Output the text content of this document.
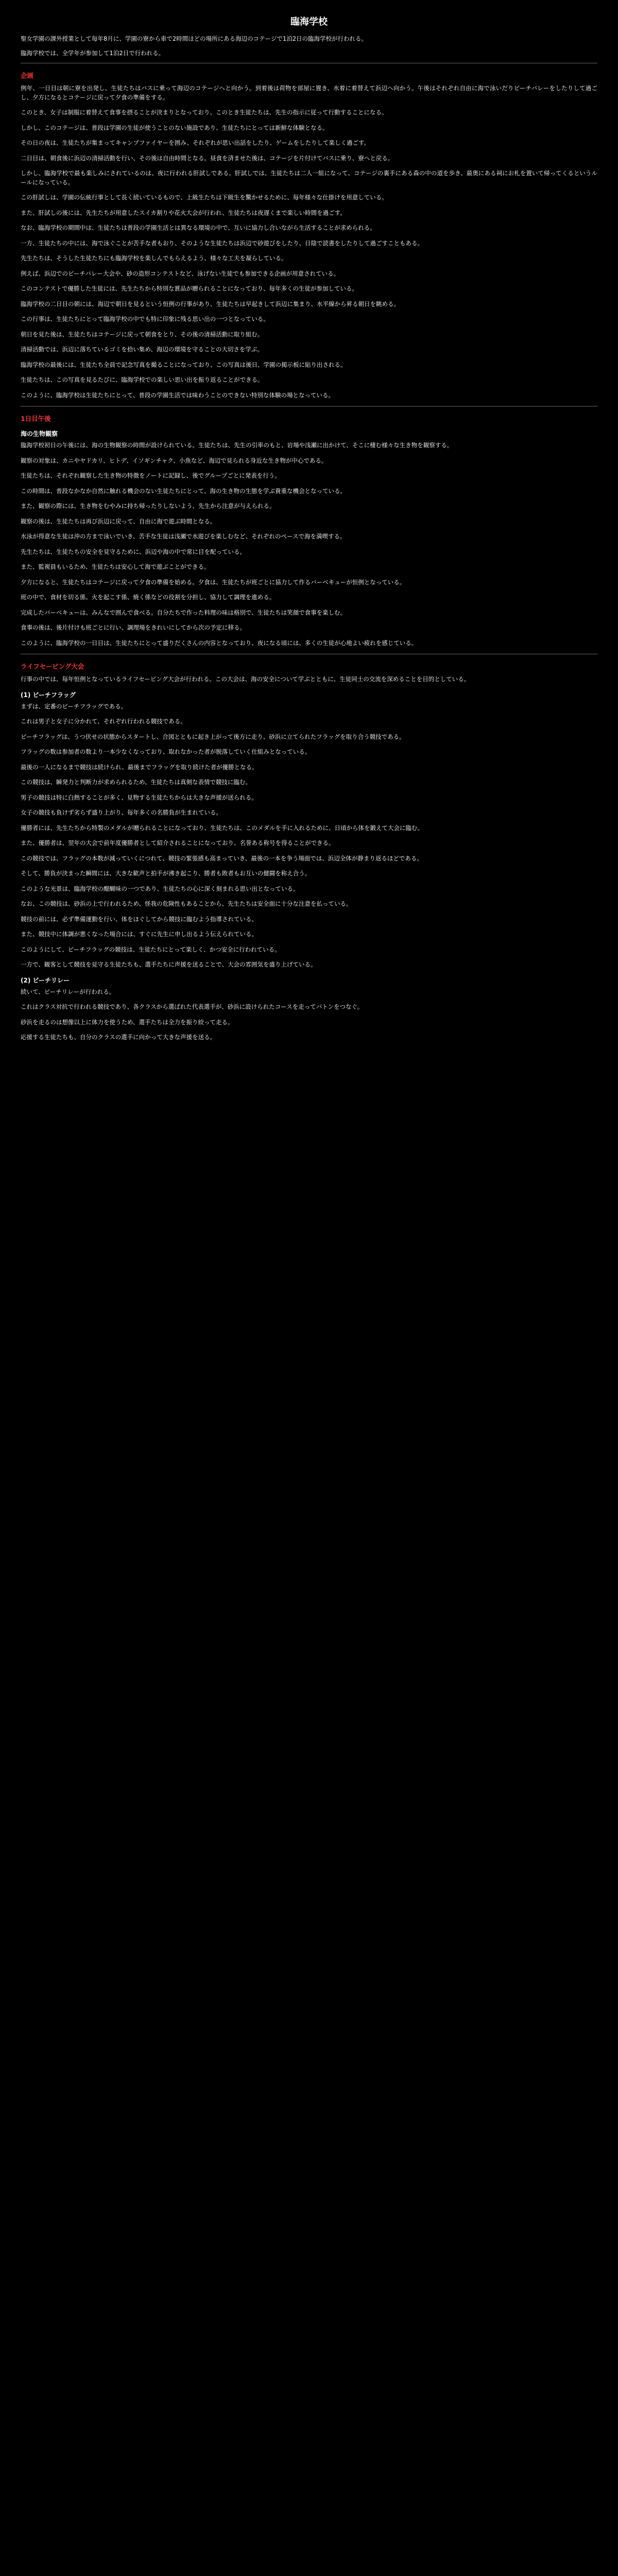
臨海学校

聖女学園の課外授業として毎年8月に、学園の寮から車で2時間ほどの場所にある海辺のコテージで1泊2日の臨海学校が行われる。

臨海学校では、全学年が参加して1泊2日で行われる。

企画

例年、一日目は朝に寮を出発し、生徒たちはバスに乗って海辺のコテージへと向かう。到着後は荷物を部屋に置き、水着に着替えて浜辺へ向かう。午後はそれぞれ自由に海で泳いだりビーチバレーをしたりして過ごし、夕方になるとコテージに戻って夕食の準備をする。

このとき、女子は制服に着替えて食事を摂ることが決まりとなっており、このとき生徒たちは、先生の指示に従って行動することになる。

しかし、このコテージは、普段は学園の生徒が使うことのない施設であり、生徒たちにとっては新鮮な体験となる。

その日の夜は、生徒たちが集まってキャンプファイヤーを囲み、それぞれが思い出話をしたり、ゲームをしたりして楽しく過ごす。

二日目は、朝食後に浜辺の清掃活動を行い、その後は自由時間となる。昼食を済ませた後は、コテージを片付けてバスに乗り、寮へと戻る。

しかし、臨海学校で最も楽しみにされているのは、夜に行われる肝試しである。肝試しでは、生徒たちは二人一組になって、コテージの裏手にある森の中の道を歩き、最奥にある祠にお札を置いて帰ってくるというルールになっている。

この肝試しは、学園の伝統行事として長く続いているもので、上級生たちは下級生を驚かせるために、毎年様々な仕掛けを用意している。

また、肝試しの後には、先生たちが用意したスイカ割りや花火大会が行われ、生徒たちは夜遅くまで楽しい時間を過ごす。

なお、臨海学校の期間中は、生徒たちは普段の学園生活とは異なる環境の中で、互いに協力し合いながら生活することが求められる。

一方、生徒たちの中には、海で泳ぐことが苦手な者もおり、そのような生徒たちは浜辺で砂遊びをしたり、日陰で読書をしたりして過ごすこともある。

先生たちは、そうした生徒たちにも臨海学校を楽しんでもらえるよう、様々な工夫を凝らしている。

例えば、浜辺でのビーチバレー大会や、砂の造形コンテストなど、泳げない生徒でも参加できる企画が用意されている。

このコンテストで優勝した生徒には、先生たちから特別な賞品が贈られることになっており、毎年多くの生徒が参加している。

臨海学校の二日目の朝には、海辺で朝日を見るという恒例の行事があり、生徒たちは早起きして浜辺に集まり、水平線から昇る朝日を眺める。

この行事は、生徒たちにとって臨海学校の中でも特に印象に残る思い出の一つとなっている。

朝日を見た後は、生徒たちはコテージに戻って朝食をとり、その後の清掃活動に取り組む。

清掃活動では、浜辺に落ちているゴミを拾い集め、海辺の環境を守ることの大切さを学ぶ。

臨海学校の最後には、生徒たち全員で記念写真を撮ることになっており、この写真は後日、学園の掲示板に貼り出される。

生徒たちは、この写真を見るたびに、臨海学校での楽しい思い出を振り返ることができる。

このように、臨海学校は生徒たちにとって、普段の学園生活では味わうことのできない特別な体験の場となっている。

1日目午後
海の生物観察

臨海学校初日の午後には、海の生物観察の時間が設けられている。生徒たちは、先生の引率のもと、岩場や浅瀬に出かけて、そこに棲む様々な生き物を観察する。

観察の対象は、カニやヤドカリ、ヒトデ、イソギンチャク、小魚など、海辺で見られる身近な生き物が中心である。

生徒たちは、それぞれ観察した生き物の特徴をノートに記録し、後でグループごとに発表を行う。

この時間は、普段なかなか自然に触れる機会のない生徒たちにとって、海の生き物の生態を学ぶ貴重な機会となっている。

また、観察の際には、生き物をむやみに持ち帰ったりしないよう、先生から注意が与えられる。

観察の後は、生徒たちは再び浜辺に戻って、自由に海で遊ぶ時間となる。

水泳が得意な生徒は沖の方まで泳いでいき、苦手な生徒は浅瀬で水遊びを楽しむなど、それぞれのペースで海を満喫する。

先生たちは、生徒たちの安全を見守るために、浜辺や海の中で常に目を配っている。

また、監視員もいるため、生徒たちは安心して海で遊ぶことができる。

夕方になると、生徒たちはコテージに戻って夕食の準備を始める。夕食は、生徒たちが班ごとに協力して作るバーベキューが恒例となっている。

班の中で、食材を切る係、火を起こす係、焼く係などの役割を分担し、協力して調理を進める。

完成したバーベキューは、みんなで囲んで食べる。自分たちで作った料理の味は格別で、生徒たちは笑顔で食事を楽しむ。

食事の後は、後片付けも班ごとに行い、調理場をきれいにしてから次の予定に移る。

このように、臨海学校の一日目は、生徒たちにとって盛りだくさんの内容となっており、夜になる頃には、多くの生徒が心地よい疲れを感じている。

ライフセービング大会

行事の中では、毎年恒例となっているライフセービング大会が行われる。この大会は、海の安全について学ぶとともに、生徒同士の交流を深めることを目的としている。

(1) ビーチフラッグ

まずは、定番のビーチフラッグである。

これは男子と女子に分かれて、それぞれ行われる競技である。

ビーチフラッグは、うつ伏せの状態からスタートし、合図とともに起き上がって後方に走り、砂浜に立てられたフラッグを取り合う競技である。

フラッグの数は参加者の数より一本少なくなっており、取れなかった者が脱落していく仕組みとなっている。

最後の一人になるまで競技は続けられ、最後までフラッグを取り続けた者が優勝となる。

この競技は、瞬発力と判断力が求められるため、生徒たちは真剣な表情で競技に臨む。

男子の競技は特に白熱することが多く、見物する生徒たちからは大きな声援が送られる。

女子の競技も負けず劣らず盛り上がり、毎年多くの名勝負が生まれている。

優勝者には、先生たちから特製のメダルが贈られることになっており、生徒たちは、このメダルを手に入れるために、日頃から体を鍛えて大会に臨む。

また、優勝者は、翌年の大会で前年度優勝者として紹介されることになっており、名誉ある称号を得ることができる。

この競技では、フラッグの本数が減っていくにつれて、競技の緊張感も高まっていき、最後の一本を争う場面では、浜辺全体が静まり返るほどである。

そして、勝負が決まった瞬間には、大きな歓声と拍手が沸き起こり、勝者も敗者もお互いの健闘を称え合う。

このような光景は、臨海学校の醍醐味の一つであり、生徒たちの心に深く刻まれる思い出となっている。

なお、この競技は、砂浜の上で行われるため、怪我の危険性もあることから、先生たちは安全面に十分な注意を払っている。

競技の前には、必ず準備運動を行い、体をほぐしてから競技に臨むよう指導されている。

また、競技中に体調が悪くなった場合には、すぐに先生に申し出るよう伝えられている。

このようにして、ビーチフラッグの競技は、生徒たちにとって楽しく、かつ安全に行われている。

一方で、観客として競技を見守る生徒たちも、選手たちに声援を送ることで、大会の雰囲気を盛り上げている。

(2) ビーチリレー

続いて、ビーチリレーが行われる。

これはクラス対抗で行われる競技であり、各クラスから選ばれた代表選手が、砂浜に設けられたコースを走ってバトンをつなぐ。

砂浜を走るのは想像以上に体力を使うため、選手たちは全力を振り絞って走る。

応援する生徒たちも、自分のクラスの選手に向かって大きな声援を送る。
